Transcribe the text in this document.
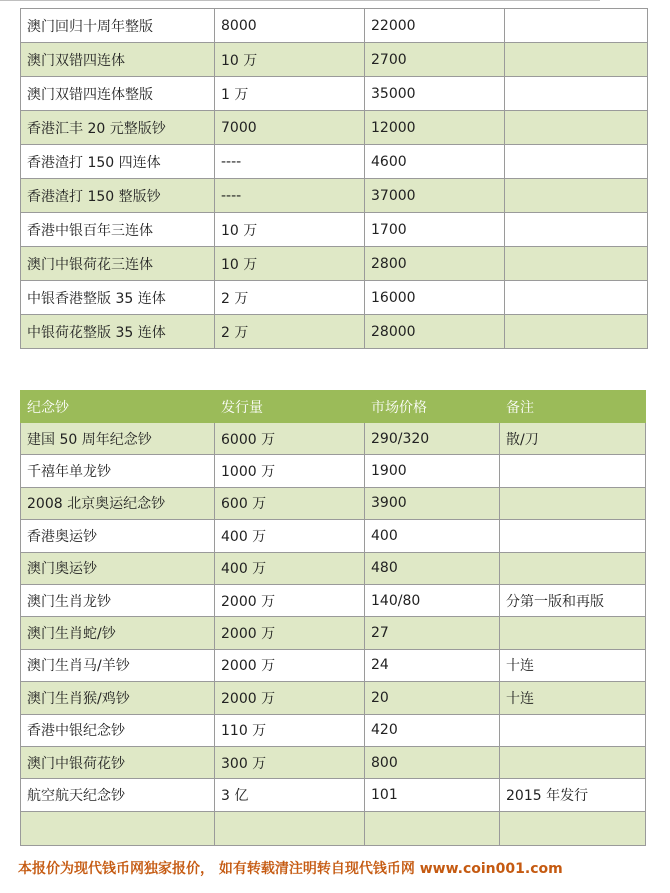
澳门回归十周年整版	8000	22000	
澳门双错四连体	10 万	2700	
澳门双错四连体整版	1 万	35000	
香港汇丰 20 元整版钞	7000	12000	
香港渣打 150 四连体	----	4600	
香港渣打 150 整版钞	----	37000	
香港中银百年三连体	10 万	1700	
澳门中银荷花三连体	10 万	2800	
中银香港整版 35 连体	2 万	16000	
中银荷花整版 35 连体	2 万	28000	
纪念钞	发行量	市场价格	备注
建国 50 周年纪念钞	6000 万	290/320	散/刀
千禧年单龙钞	1000 万	1900	
2008 北京奥运纪念钞	600 万	3900	
香港奥运钞	400 万	400	
澳门奥运钞	400 万	480	
澳门生肖龙钞	2000 万	140/80	分第一版和再版
澳门生肖蛇/钞	2000 万	27	
澳门生肖马/羊钞	2000 万	24	十连
澳门生肖猴/鸡钞	2000 万	20	十连
香港中银纪念钞	110 万	420	
澳门中银荷花钞	300 万	800	
航空航天纪念钞	3 亿	101	2015 年发行

本报价为现代钱币网独家报价， 如有转载清注明转自现代钱币网 www.coin001.com
